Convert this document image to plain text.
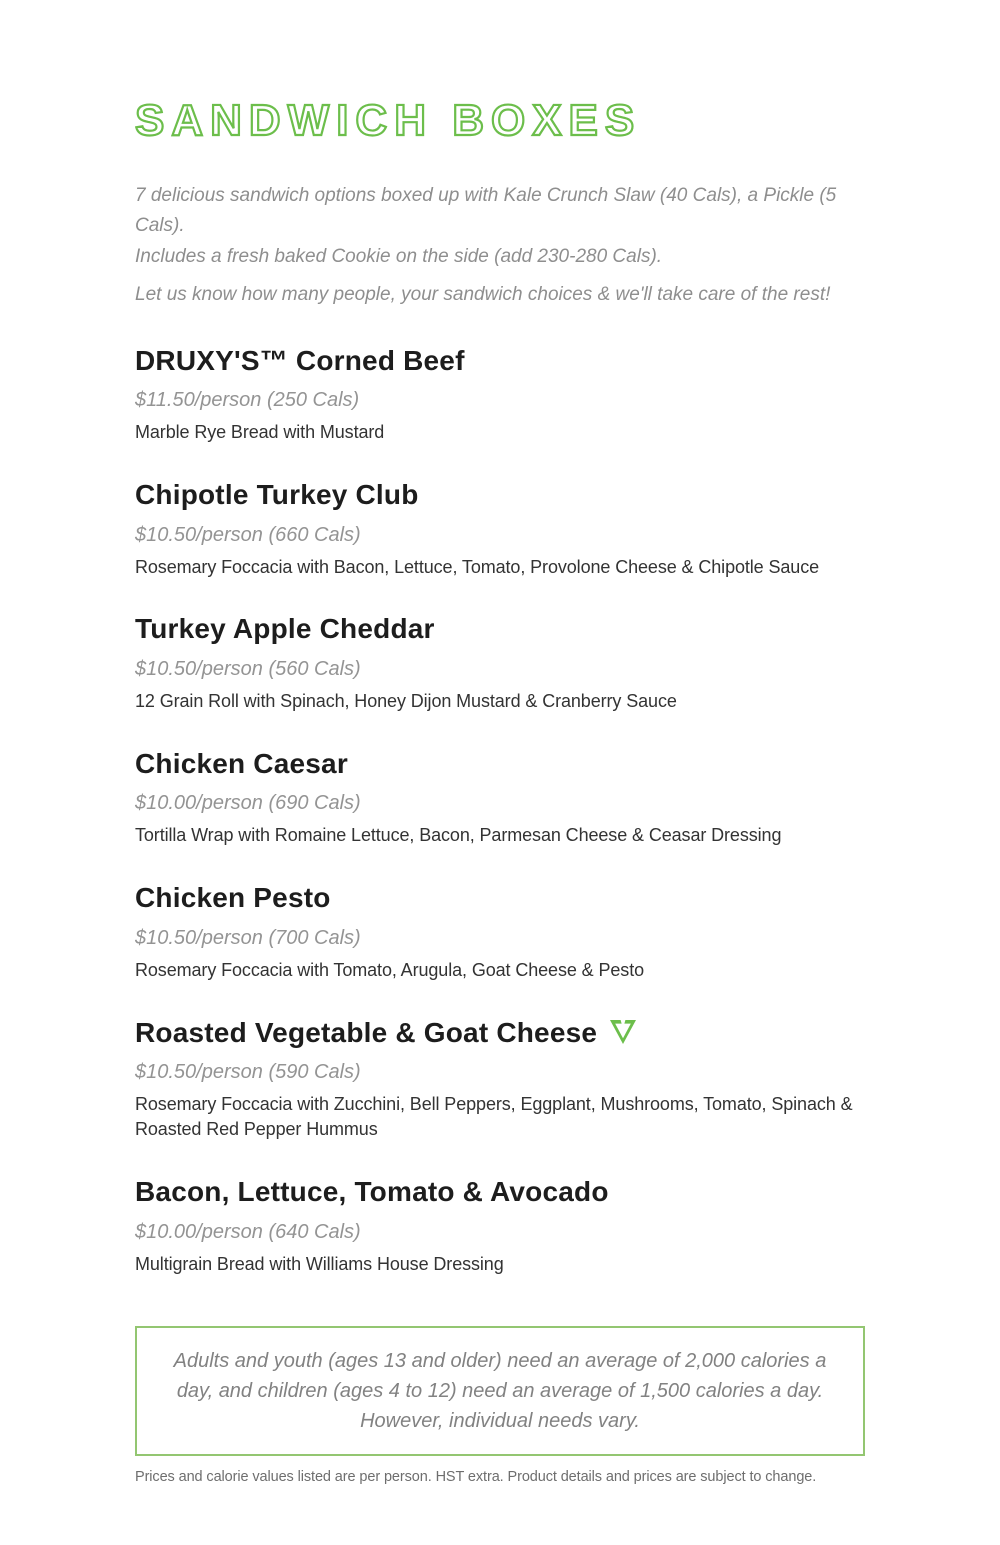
SANDWICH BOXES

7 delicious sandwich options boxed up with Kale Crunch Slaw (40 Cals), a Pickle (5 Cals).

Includes a fresh baked Cookie on the side (add 230-280 Cals).

Let us know how many people, your sandwich choices & we'll take care of the rest!

DRUXY'S™ Corned Beef

$11.50/person (250 Cals)

Marble Rye Bread with Mustard

Chipotle Turkey Club

$10.50/person (660 Cals)

Rosemary Foccacia with Bacon, Lettuce, Tomato, Provolone Cheese & Chipotle Sauce

Turkey Apple Cheddar

$10.50/person (560 Cals)

12 Grain Roll with Spinach, Honey Dijon Mustard & Cranberry Sauce

Chicken Caesar

$10.00/person (690 Cals)

Tortilla Wrap with Romaine Lettuce, Bacon, Parmesan Cheese & Ceasar Dressing

Chicken Pesto

$10.50/person (700 Cals)

Rosemary Foccacia with Tomato, Arugula, Goat Cheese & Pesto

Roasted Vegetable & Goat Cheese

$10.50/person (590 Cals)

Rosemary Foccacia with Zucchini, Bell Peppers, Eggplant, Mushrooms, Tomato, Spinach & Roasted Red Pepper Hummus

Bacon, Lettuce, Tomato & Avocado

$10.00/person (640 Cals)

Multigrain Bread with Williams House Dressing

Adults and youth (ages 13 and older) need an average of 2,000 calories a

day, and children (ages 4 to 12) need an average of 1,500 calories a day.

However, individual needs vary.

Prices and calorie values listed are per person. HST extra. Product details and prices are subject to change.
